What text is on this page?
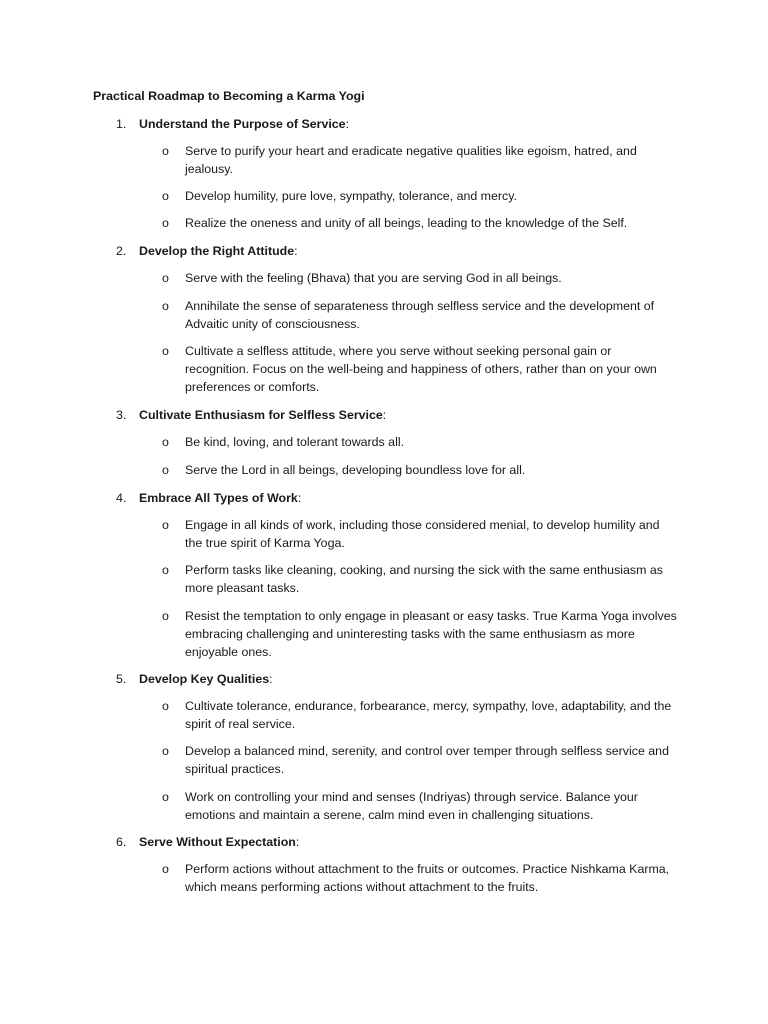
Practical Roadmap to Becoming a Karma Yogi
1. Understand the Purpose of Service:
o Serve to purify your heart and eradicate negative qualities like egoism, hatred, and jealousy.
o Develop humility, pure love, sympathy, tolerance, and mercy.
o Realize the oneness and unity of all beings, leading to the knowledge of the Self.
2. Develop the Right Attitude:
o Serve with the feeling (Bhava) that you are serving God in all beings.
o Annihilate the sense of separateness through selfless service and the development of Advaitic unity of consciousness.
o Cultivate a selfless attitude, where you serve without seeking personal gain or recognition. Focus on the well-being and happiness of others, rather than on your own preferences or comforts.
3. Cultivate Enthusiasm for Selfless Service:
o Be kind, loving, and tolerant towards all.
o Serve the Lord in all beings, developing boundless love for all.
4. Embrace All Types of Work:
o Engage in all kinds of work, including those considered menial, to develop humility and the true spirit of Karma Yoga.
o Perform tasks like cleaning, cooking, and nursing the sick with the same enthusiasm as more pleasant tasks.
o Resist the temptation to only engage in pleasant or easy tasks. True Karma Yoga involves embracing challenging and uninteresting tasks with the same enthusiasm as more enjoyable ones.
5. Develop Key Qualities:
o Cultivate tolerance, endurance, forbearance, mercy, sympathy, love, adaptability, and the spirit of real service.
o Develop a balanced mind, serenity, and control over temper through selfless service and spiritual practices.
o Work on controlling your mind and senses (Indriyas) through service. Balance your emotions and maintain a serene, calm mind even in challenging situations.
6. Serve Without Expectation:
o Perform actions without attachment to the fruits or outcomes. Practice Nishkama Karma, which means performing actions without attachment to the fruits.
